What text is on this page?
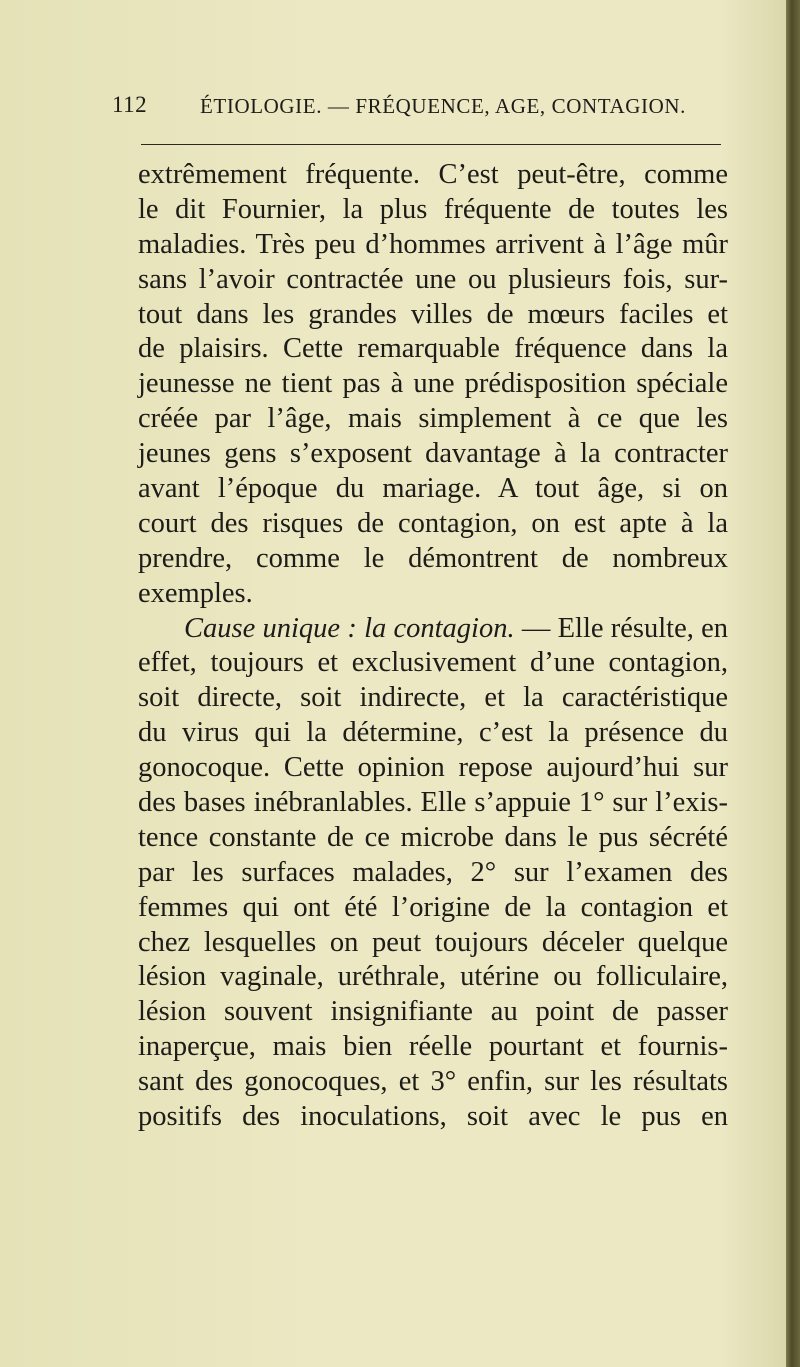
112	ÉTIOLOGIE. — FRÉQUENCE, AGE, CONTAGION.
extrêmement fréquente. C’est peut-être, comme
le dit Fournier, la plus fréquente de toutes les
maladies. Très peu d’hommes arrivent à l’âge mûr
sans l’avoir contractée une ou plusieurs fois, sur-
tout dans les grandes villes de mœurs faciles et
de plaisirs. Cette remarquable fréquence dans la
jeunesse ne tient pas à une prédisposition spéciale
créée par l’âge, mais simplement à ce que les
jeunes gens s’exposent davantage à la contracter
avant l’époque du mariage. A tout âge, si on
court des risques de contagion, on est apte à la
prendre, comme le démontrent de nombreux
exemples.
Cause unique : la contagion. — Elle résulte, en
effet, toujours et exclusivement d’une contagion,
soit directe, soit indirecte, et la caractéristique
du virus qui la détermine, c’est la présence du
gonocoque. Cette opinion repose aujourd’hui sur
des bases inébranlables. Elle s’appuie 1° sur l’exis-
tence constante de ce microbe dans le pus sécrété
par les surfaces malades, 2° sur l’examen des
femmes qui ont été l’origine de la contagion et
chez lesquelles on peut toujours déceler quelque
lésion vaginale, uréthrale, utérine ou folliculaire,
lésion souvent insignifiante au point de passer
inaperçue, mais bien réelle pourtant et fournis-
sant des gonocoques, et 3° enfin, sur les résultats
positifs des inoculations, soit avec le pus en
